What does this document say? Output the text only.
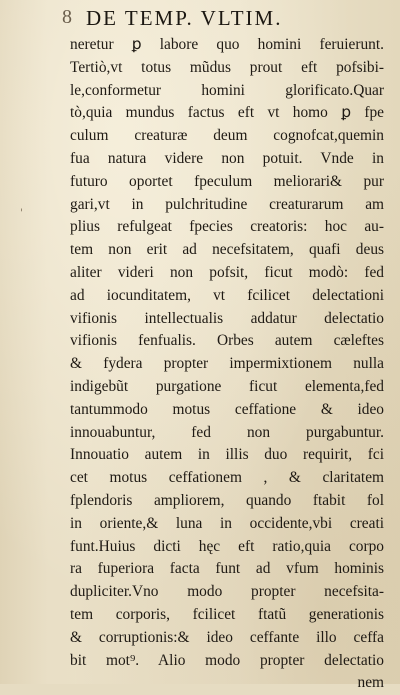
8 DE TEMP. VLTIM.
'
neretur ꝑ labore quo homini feruierunt.
Tertiò,vt totus mũdus prout eft pofsibi-
le,conformetur homini glorificato.Quar
tò,quia mundus factus eft vt homo ꝑ fpe
culum creaturæ deum cognofcat,quemin
fua natura videre non potuit. Vnde in
futuro oportet fpeculum meliorari& pur
gari,vt in pulchritudine creaturarum am
plius refulgeat fpecies creatoris: hoc au-
tem non erit ad necefsitatem, quafi deus
aliter videri non pofsit, ficut modò: fed
ad iocunditatem, vt fcilicet delectationi
vifionis intellectualis addatur delectatio
vifionis fenfualis. Orbes autem cæleftes
& fydera propter impermixtionem nulla
indigebũt purgatione ficut elementa,fed
tantummodo motus ceffatione & ideo
innouabuntur, fed non purgabuntur.
Innouatio autem in illis duo requirit, fci
cet motus ceffationem , & claritatem
fplendoris ampliorem, quando ftabit fol
in oriente,& luna in occidente,vbi creati
funt.Huius dicti hęc eft ratio,quia corpo
ra fuperiora facta funt ad vfum hominis
dupliciter.Vno modo propter necefsita-
tem corporis, fcilicet ftatũ generationis
& corruptionis:& ideo ceffante illo ceffa
bit mot⁹. Alio modo propter delectatio
nem
